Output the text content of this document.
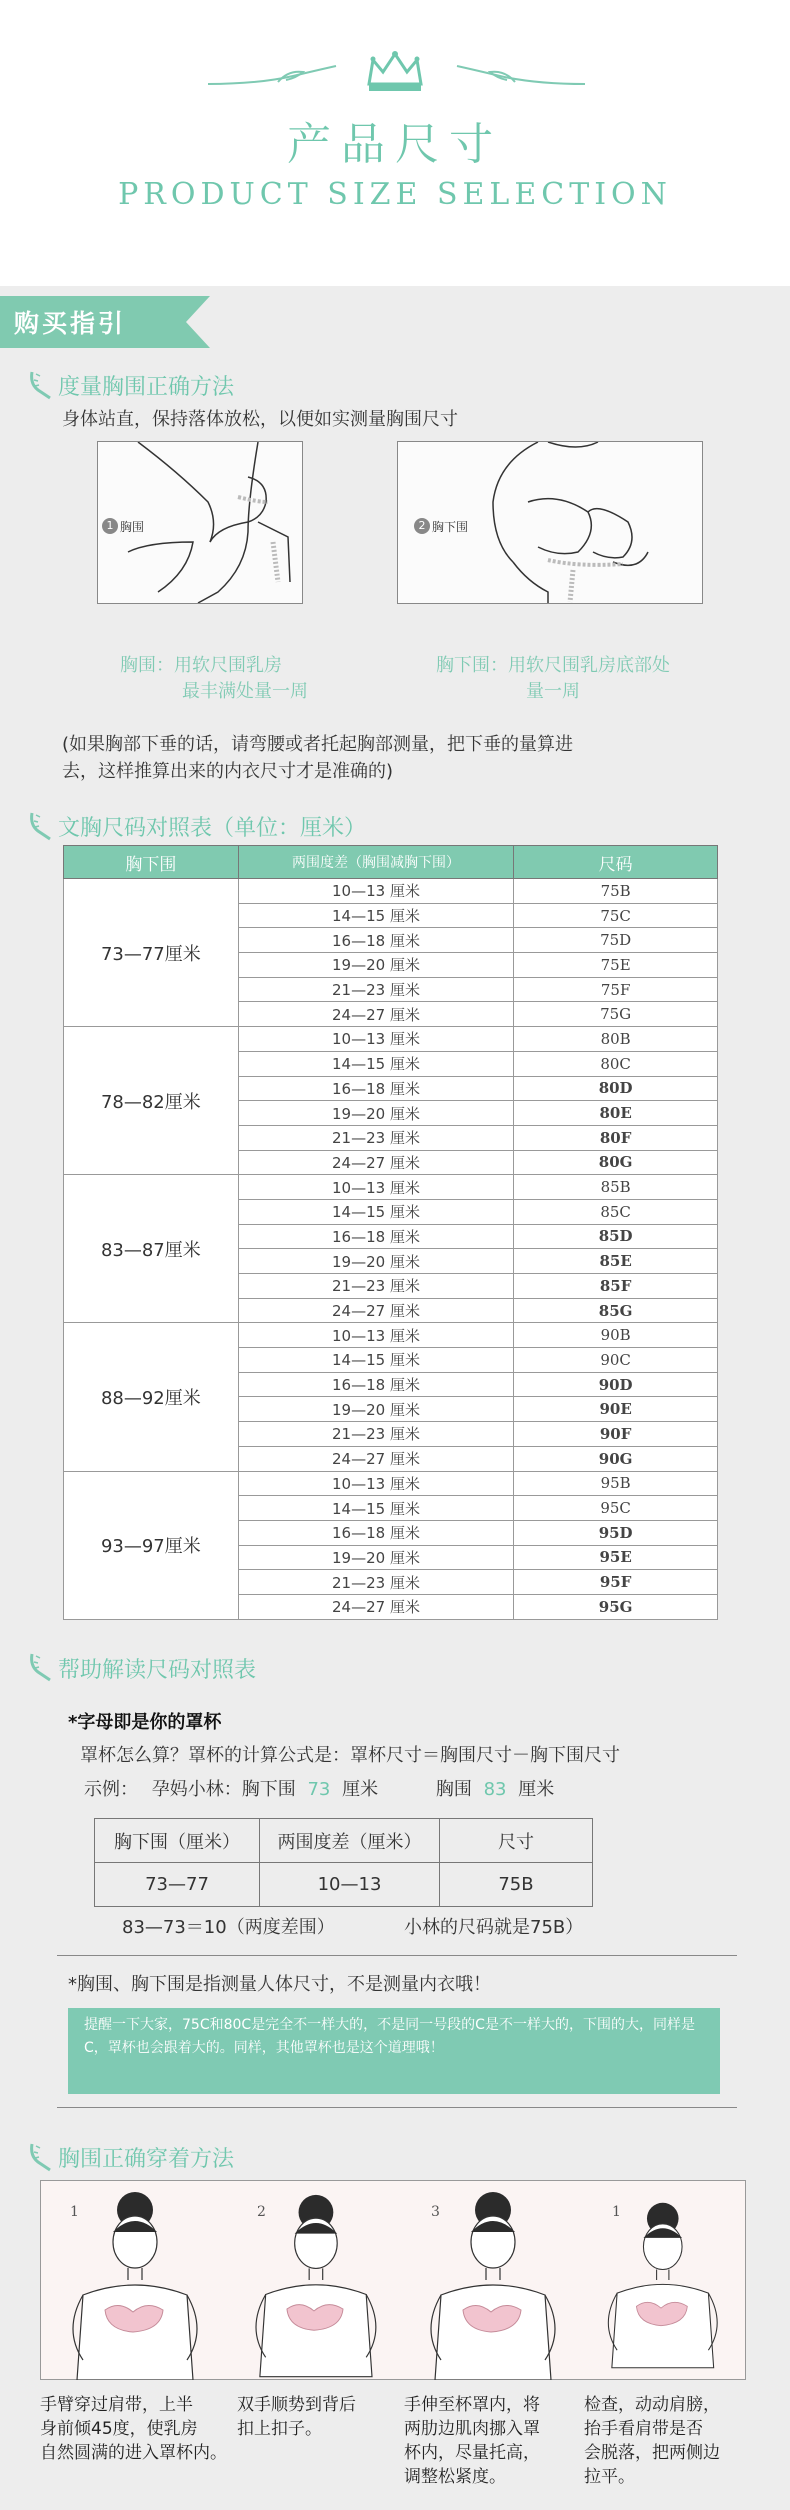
产品尺寸
PRODUCT SIZE SELECTION
购买指引
度量胸围正确方法
身体站直，保持落体放松，以便如实测量胸围尺寸
1 胸围	2 胸下围
胸围：用软尺围乳房
最丰满处量一周
胸下围：用软尺围乳房底部处
量一周
(如果胸部下垂的话，请弯腰或者托起胸部测量，把下垂的量算进
去，这样推算出来的内衣尺寸才是准确的)
文胸尺码对照表（单位：厘米）
胸下围	两围度差（胸围减胸下围）	尺码
73—77厘米	10—13 厘米	75B
	14—15 厘米	75C
	16—18 厘米	75D
	19—20 厘米	75E
	21—23 厘米	75F
	24—27 厘米	75G
78—82厘米	10—13 厘米	80B
	14—15 厘米	80C
	16—18 厘米	80D
	19—20 厘米	80E
	21—23 厘米	80F
	24—27 厘米	80G
83—87厘米	10—13 厘米	85B
	14—15 厘米	85C
	16—18 厘米	85D
	19—20 厘米	85E
	21—23 厘米	85F
	24—27 厘米	85G
88—92厘米	10—13 厘米	90B
	14—15 厘米	90C
	16—18 厘米	90D
	19—20 厘米	90E
	21—23 厘米	90F
	24—27 厘米	90G
93—97厘米	10—13 厘米	95B
	14—15 厘米	95C
	16—18 厘米	95D
	19—20 厘米	95E
	21—23 厘米	95F
	24—27 厘米	95G
帮助解读尺码对照表
*字母即是你的罩杯
罩杯怎么算？罩杯的计算公式是：罩杯尺寸＝胸围尺寸－胸下围尺寸
示例： 孕妈小林：胸下围 73 厘米	胸围 83 厘米
胸下围（厘米）	两围度差（厘米）	尺寸
73—77	10—13	75B
83—73＝10（两度差围）	小林的尺码就是75B）
*胸围、胸下围是指测量人体尺寸，不是测量内衣哦！
提醒一下大家，75C和80C是完全不一样大的，不是同一号段的C是不一样大的，下围的大，同样是C，罩杯也会跟着大的。同样，其他罩杯也是这个道理哦！
胸围正确穿着方法
1
手臂穿过肩带，上半
身前倾45度，使乳房
自然圆满的进入罩杯内。
2
双手顺势到背后
扣上扣子。
3
手伸至杯罩内，将
两肋边肌肉挪入罩
杯内，尽量托高，
调整松紧度。
1
检查，动动肩膀，
抬手看肩带是否
会脱落，把两侧边
拉平。
